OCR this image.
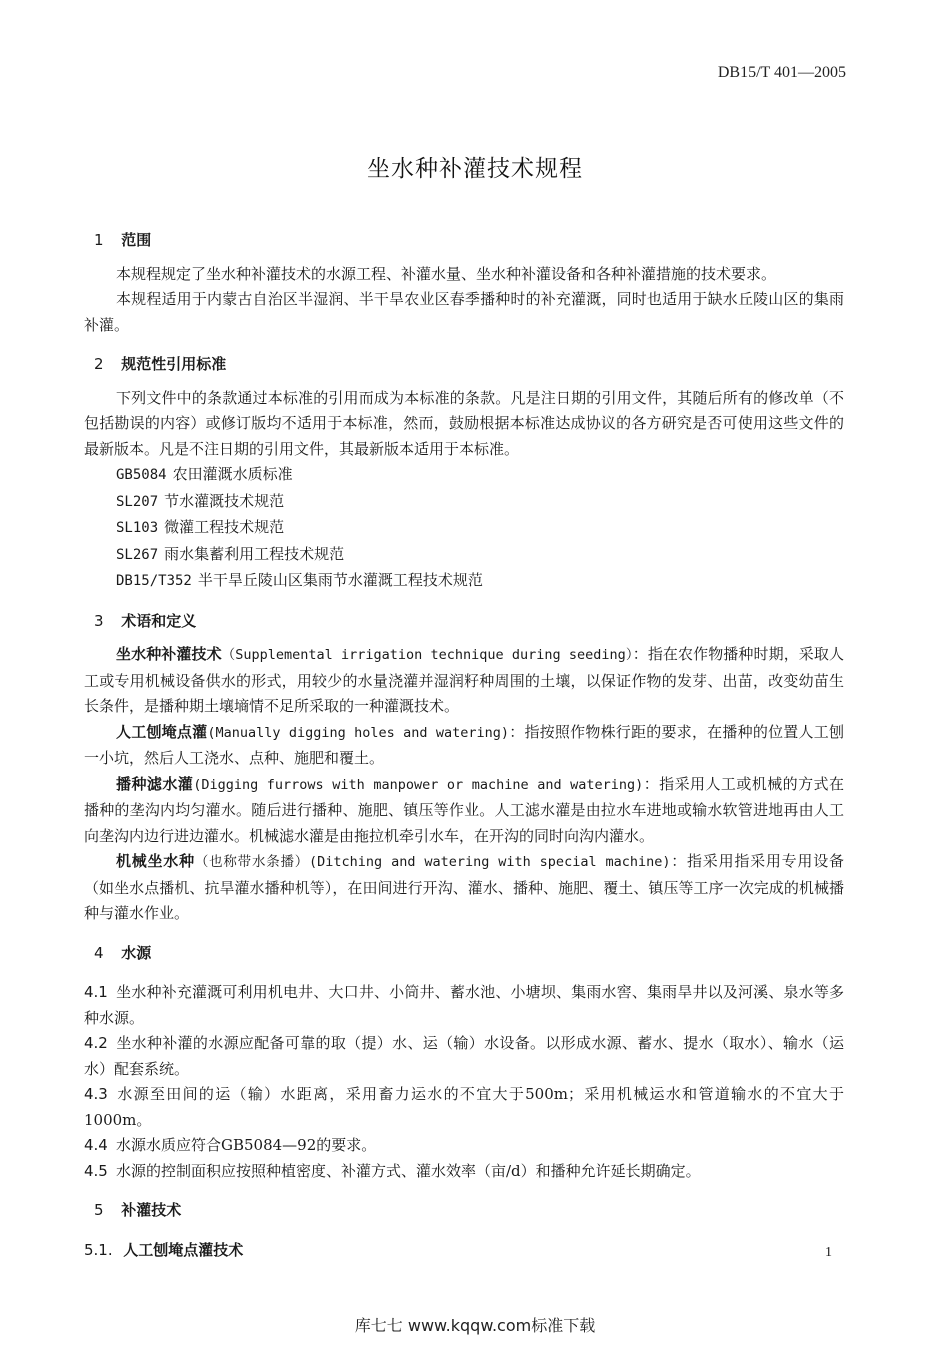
DB15/T 401—2005
坐水种补灌技术规程
1 范围

本规程规定了坐水种补灌技术的水源工程、补灌水量、坐水种补灌设备和各种补灌措施的技术要求。

本规程适用于内蒙古自治区半湿润、半干旱农业区春季播种时的补充灌溉，同时也适用于缺水丘陵山区的集雨补灌。

2 规范性引用标准

下列文件中的条款通过本标准的引用而成为本标准的条款。凡是注日期的引用文件，其随后所有的修改单（不包括勘误的内容）或修订版均不适用于本标准，然而，鼓励根据本标准达成协议的各方研究是否可使用这些文件的最新版本。凡是不注日期的引用文件，其最新版本适用于本标准。

GB5084 农田灌溉水质标准

SL207 节水灌溉技术规范

SL103 微灌工程技术规范

SL267 雨水集蓄利用工程技术规范

DB15/T352 半干旱丘陵山区集雨节水灌溉工程技术规范

3 术语和定义

坐水种补灌技术（Supplemental irrigation technique during seeding）：指在农作物播种时期，采取人工或专用机械设备供水的形式，用较少的水量浇灌并湿润籽种周围的土壤，以保证作物的发芽、出苗，改变幼苗生长条件，是播种期土壤墒情不足所采取的一种灌溉技术。

人工刨埯点灌(Manually digging holes and watering)：指按照作物株行距的要求，在播种的位置人工刨一小坑，然后人工浇水、点种、施肥和覆土。

播种滤水灌(Digging furrows with manpower or machine and watering)：指采用人工或机械的方式在播种的垄沟内均匀灌水。随后进行播种、施肥、镇压等作业。人工滤水灌是由拉水车进地或输水软管进地再由人工向垄沟内边行进边灌水。机械滤水灌是由拖拉机牵引水车，在开沟的同时向沟内灌水。

机械坐水种（也称带水条播）(Ditching and watering with special machine)：指采用指采用专用设备（如坐水点播机、抗旱灌水播种机等），在田间进行开沟、灌水、播种、施肥、覆土、镇压等工序一次完成的机械播种与灌水作业。

4 水源

4.1 坐水种补充灌溉可利用机电井、大口井、小筒井、蓄水池、小塘坝、集雨水窖、集雨旱井以及河溪、泉水等多种水源。

4.2 坐水种补灌的水源应配备可靠的取（提）水、运（输）水设备。以形成水源、蓄水、提水（取水）、输水（运水）配套系统。

4.3 水源至田间的运（输）水距离，采用畜力运水的不宜大于500m；采用机械运水和管道输水的不宜大于1000m。

4.4 水源水质应符合GB5084—92的要求。

4.5 水源的控制面积应按照种植密度、补灌方式、灌水效率（亩/d）和播种允许延长期确定。

5 补灌技术
5.1. 人工刨埯点灌技术	1
库七七 www.kqqw.com标准下载
